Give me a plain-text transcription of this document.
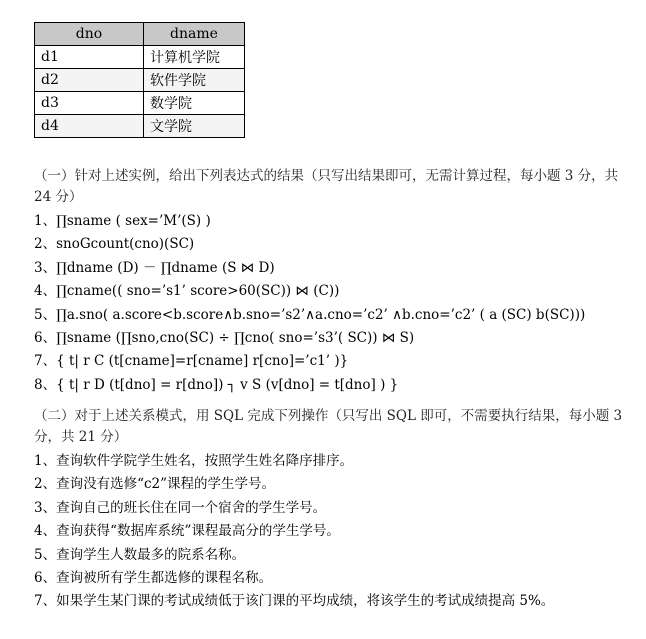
dno	dname
d1	计算机学院
d2	软件学院
d3	数学院
d4	文学院
（一）针对上述实例，给出下列表达式的结果（只写出结果即可，无需计算过程，每小题 3 分，共 24 分）
1、∏sname ( sex=’M’(S) )
2、snoGcount(cno)(SC)
3、∏dname (D) － ∏dname (S ⋈ D)
4、∏cname(( sno=’s1’ score>60(SC)) ⋈ (C))
5、∏a.sno( a.score<b.score∧b.sno=’s2’∧a.cno=’c2’ ∧b.cno=’c2’ ( a (SC) b(SC)))
6、∏sname (∏sno,cno(SC) ÷ ∏cno( sno=’s3’( SC)) ⋈ S)
7、{ t| r C (t[cname]=r[cname] r[cno]=’c1’ )}
8、{ t| r D (t[dno] = r[dno]) ┐ v S (v[dno] = t[dno] ) }
（二）对于上述关系模式，用 SQL 完成下列操作（只写出 SQL 即可，不需要执行结果，每小题 3 分，共 21 分）
1、查询软件学院学生姓名，按照学生姓名降序排序。
2、查询没有选修“c2”课程的学生学号。
3、查询自己的班长住在同一个宿舍的学生学号。
4、查询获得“数据库系统”课程最高分的学生学号。
5、查询学生人数最多的院系名称。
6、查询被所有学生都选修的课程名称。
7、如果学生某门课的考试成绩低于该门课的平均成绩，将该学生的考试成绩提高 5%。
